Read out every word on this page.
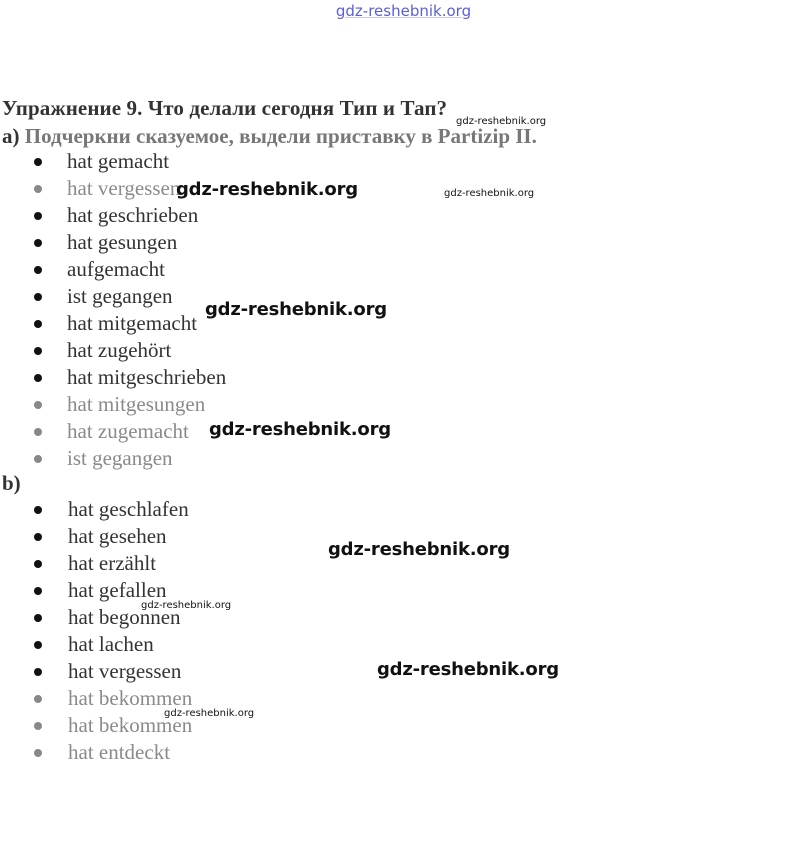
gdz-reshebnik.org
Упражнение 9. Что делали сегодня Тип и Тап?
a) Подчеркни сказуемое, выдели приставку в Partizip II.
hat gemacht
hat vergessen
hat geschrieben
hat gesungen
aufgemacht
ist gegangen
hat mitgemacht
hat zugehört
hat mitgeschrieben
hat mitgesungen
hat zugemacht
ist gegangen
b)
hat geschlafen
hat gesehen
hat erzählt
hat gefallen
hat begonnen
hat lachen
hat vergessen
hat bekommen
hat bekommen
hat entdeckt
gdz-reshebnik.org
gdz-reshebnik.org	gdz-reshebnik.org
gdz-reshebnik.org
gdz-reshebnik.org
gdz-reshebnik.org
gdz-reshebnik.org
gdz-reshebnik.org
gdz-reshebnik.org
